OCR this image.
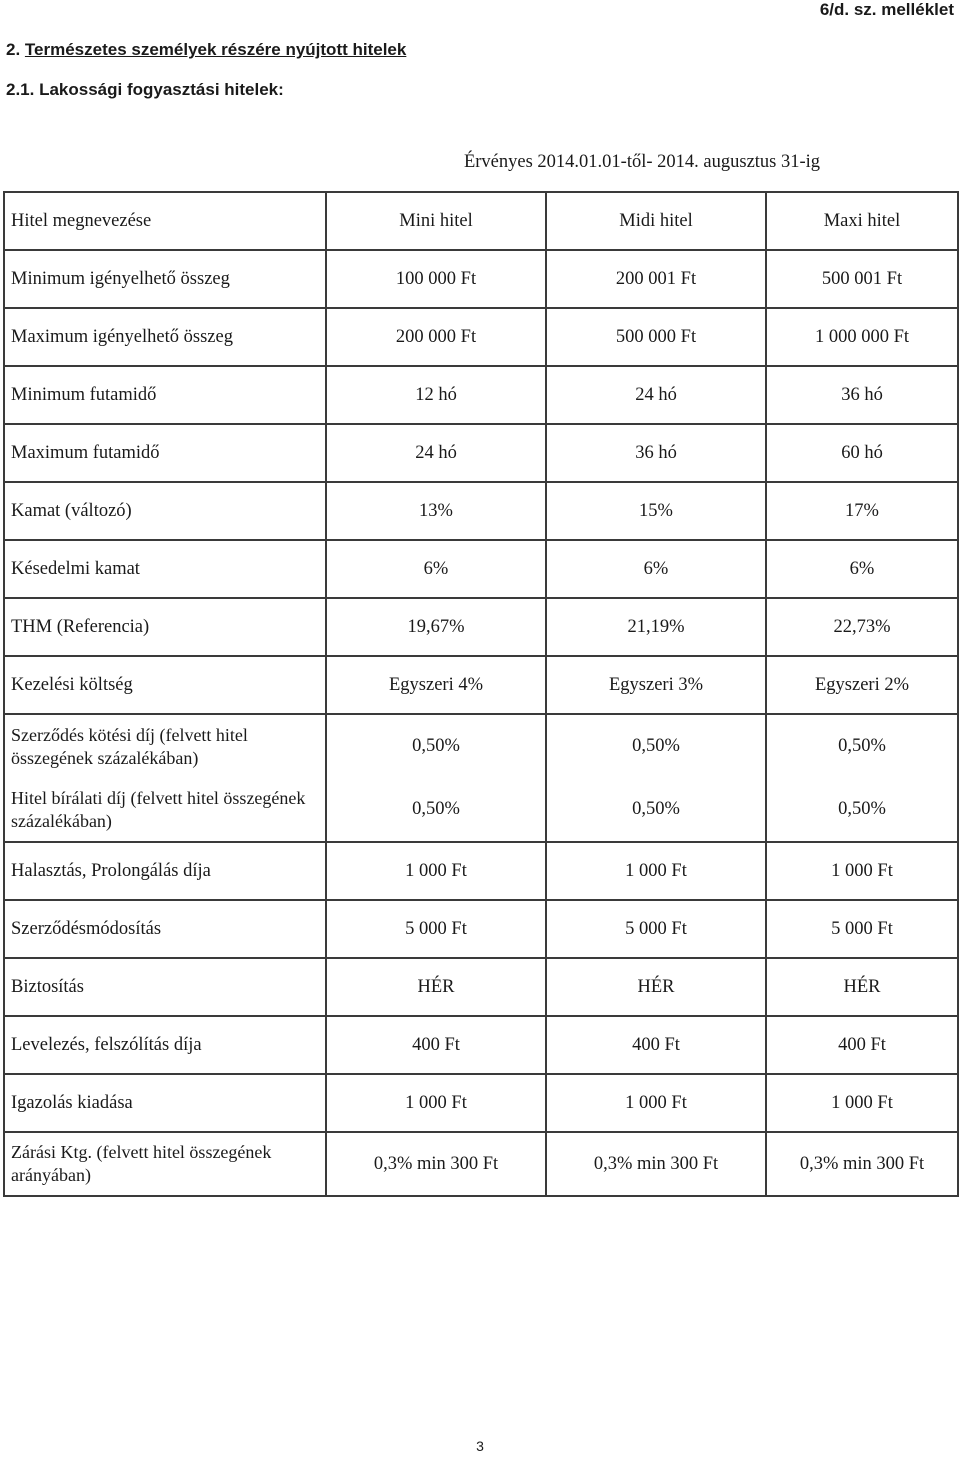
6/d. sz. melléklet
2. Természetes személyek részére nyújtott hitelek
2.1. Lakossági fogyasztási hitelek:
	Érvényes 2014.01.01-től- 2014. augusztus 31-ig		
Hitel megnevezése	Mini hitel	Midi hitel	Maxi hitel
Minimum igényelhető összeg	100 000 Ft	200 001 Ft	500 001 Ft
Maximum igényelhető összeg	200 000 Ft	500 000 Ft	1 000 000 Ft
Minimum futamidő	12 hó	24 hó	36 hó
Maximum futamidő	24 hó	36 hó	60 hó
Kamat (változó)	13%	15%	17%
Késedelmi kamat	6%	6%	6%
THM (Referencia)	19,67%	21,19%	22,73%
Kezelési költség	Egyszeri 4%	Egyszeri 3%	Egyszeri 2%
Szerződés kötési díj (felvett hitel összegének százalékában)	0,50%	0,50%	0,50%
Hitel bírálati díj (felvett hitel összegének százalékában)	0,50%	0,50%	0,50%
Halasztás, Prolongálás díja	1 000 Ft	1 000 Ft	1 000 Ft
Szerződésmódosítás	5 000 Ft	5 000 Ft	5 000 Ft
Biztosítás	HÉR	HÉR	HÉR
Levelezés, felszólítás díja	400 Ft	400 Ft	400 Ft
Igazolás kiadása	1 000 Ft	1 000 Ft	1 000 Ft
Zárási Ktg. (felvett hitel összegének arányában)	0,3% min 300 Ft	0,3% min 300 Ft	0,3% min 300 Ft
3
